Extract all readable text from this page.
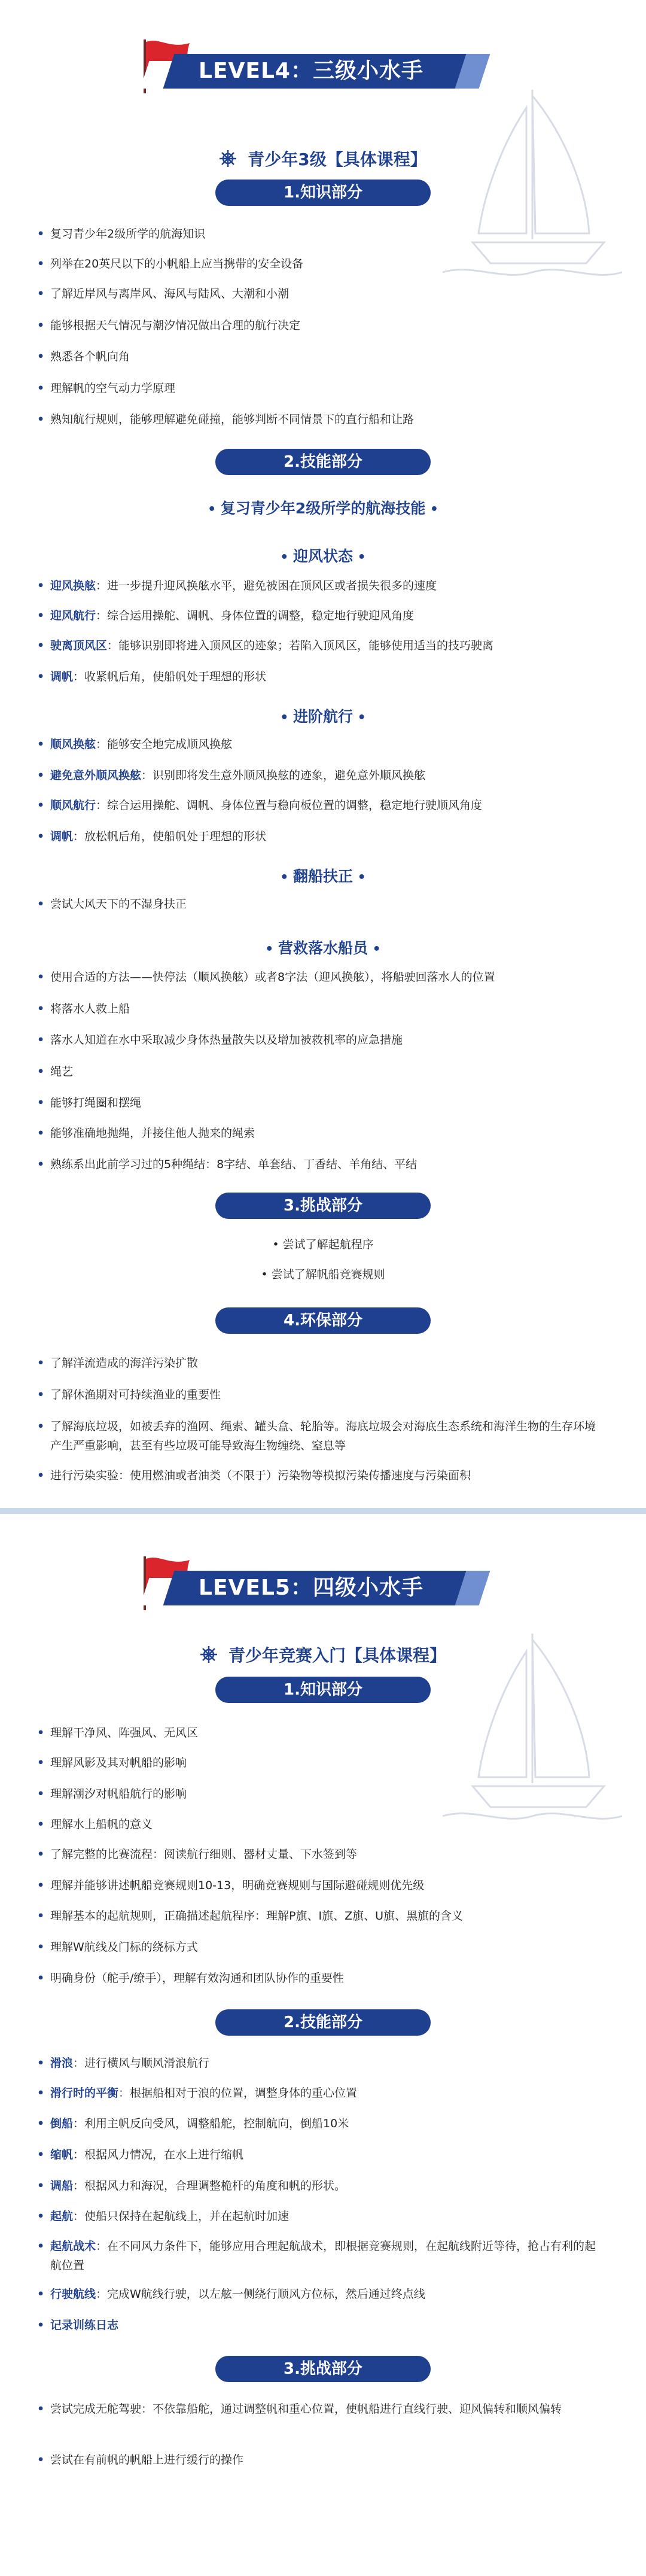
LEVEL4：三级小水手
青少年3级【具体课程】
1.知识部分
• 复习青少年2级所学的航海知识
• 列举在20英尺以下的小帆船上应当携带的安全设备
• 了解近岸风与离岸风、海风与陆风、大潮和小潮
• 能够根据天气情况与潮汐情况做出合理的航行决定
• 熟悉各个帆向角
• 理解帆的空气动力学原理
• 熟知航行规则，能够理解避免碰撞，能够判断不同情景下的直行船和让路
2.技能部分
• 复习青少年2级所学的航海技能 •
• 迎风状态 •
• 迎风换舷：进一步提升迎风换舷水平，避免被困在顶风区或者损失很多的速度
• 迎风航行：综合运用操舵、调帆、身体位置的调整，稳定地行驶迎风角度
• 驶离顶风区：能够识别即将进入顶风区的迹象；若陷入顶风区，能够使用适当的技巧驶离
• 调帆：收紧帆后角，使船帆处于理想的形状
• 进阶航行 •
• 顺风换舷：能够安全地完成顺风换舷
• 避免意外顺风换舷：识别即将发生意外顺风换舷的迹象，避免意外顺风换舷
• 顺风航行：综合运用操舵、调帆、身体位置与稳向板位置的调整，稳定地行驶顺风角度
• 调帆：放松帆后角，使船帆处于理想的形状
• 翻船扶正 •
• 尝试大风天下的不湿身扶正
• 营救落水船员 •
• 使用合适的方法——快停法（顺风换舷）或者8字法（迎风换舷），将船驶回落水人的位置
• 将落水人救上船
• 落水人知道在水中采取减少身体热量散失以及增加被救机率的应急措施
• 绳艺
• 能够打绳圈和摆绳
• 能够准确地抛绳，并接住他人抛来的绳索
• 熟练系出此前学习过的5种绳结：8字结、单套结、丁香结、羊角结、平结
3.挑战部分
• 尝试了解起航程序
• 尝试了解帆船竞赛规则
4.环保部分
• 了解洋流造成的海洋污染扩散
• 了解休渔期对可持续渔业的重要性
• 了解海底垃圾，如被丢弃的渔网、绳索、罐头盒、轮胎等。海底垃圾会对海底生态系统和海洋生物的生存环境产生严重影响，甚至有些垃圾可能导致海生物缠绕、窒息等
• 进行污染实验：使用燃油或者油类（不限于）污染物等模拟污染传播速度与污染面积
LEVEL5：四级小水手
青少年竞赛入门【具体课程】
1.知识部分
• 理解干净风、阵强风、无风区
• 理解风影及其对帆船的影响
• 理解潮汐对帆船航行的影响
• 理解水上船帆的意义
• 了解完整的比赛流程：阅读航行细则、器材丈量、下水签到等
• 理解并能够讲述帆船竞赛规则10-13，明确竞赛规则与国际避碰规则优先级
• 理解基本的起航规则，正确描述起航程序：理解P旗、I旗、Z旗、U旗、黑旗的含义
• 理解W航线及门标的绕标方式
• 明确身份（舵手/缭手），理解有效沟通和团队协作的重要性
2.技能部分
• 滑浪：进行横风与顺风滑浪航行
• 滑行时的平衡：根据船相对于浪的位置，调整身体的重心位置
• 倒船：利用主帆反向受风，调整船舵，控制航向，倒船10米
• 缩帆：根据风力情况，在水上进行缩帆
• 调船：根据风力和海况，合理调整桅杆的角度和帆的形状。
• 起航：使船只保持在起航线上，并在起航时加速
• 起航战术：在不同风力条件下，能够应用合理起航战术，即根据竞赛规则，在起航线附近等待，抢占有利的起航位置
• 行驶航线：完成W航线行驶，以左舷一侧绕行顺风方位标，然后通过终点线
• 记录训练日志
3.挑战部分
• 尝试完成无舵驾驶：不依靠船舵，通过调整帆和重心位置，使帆船进行直线行驶、迎风偏转和顺风偏转
• 尝试在有前帆的帆船上进行缓行的操作
